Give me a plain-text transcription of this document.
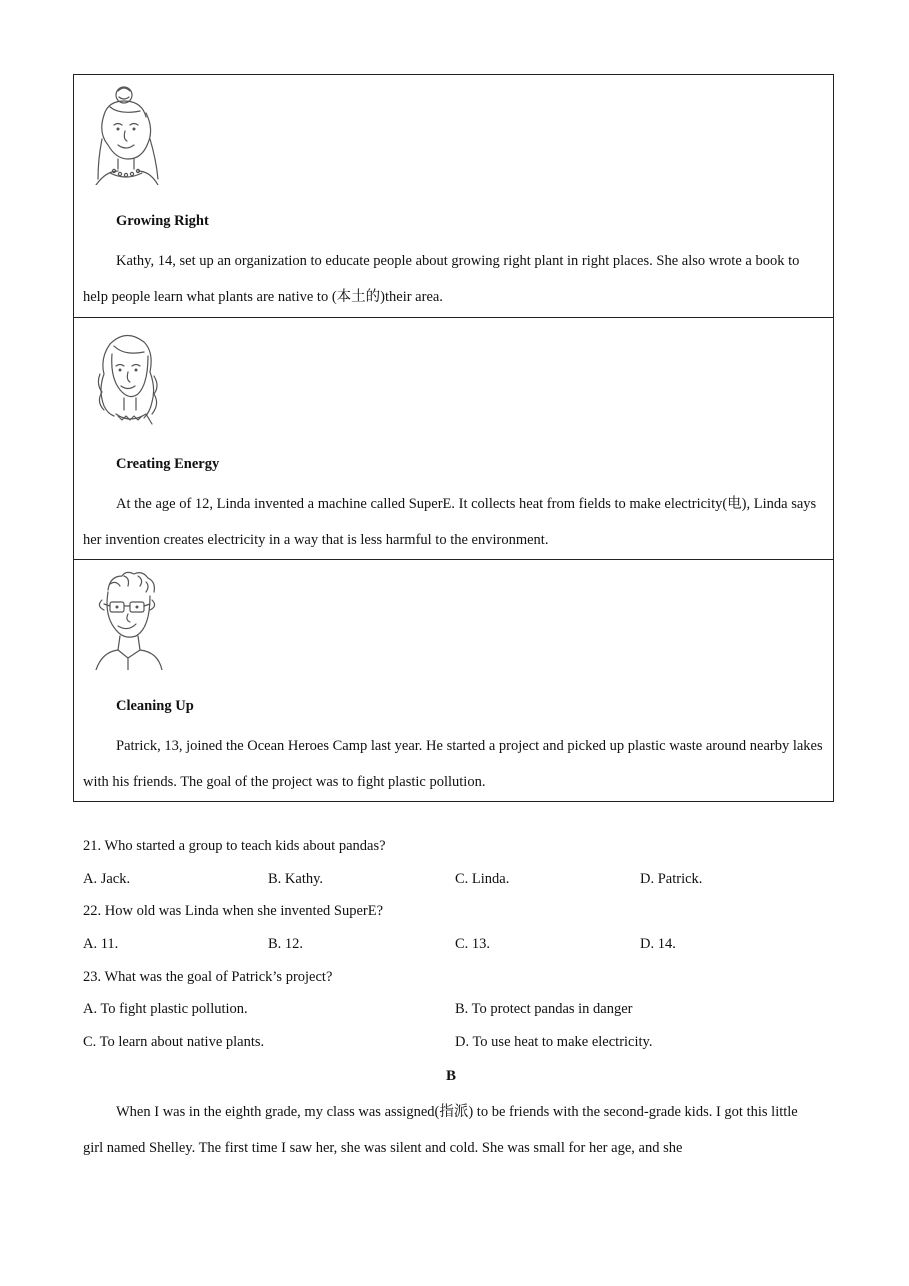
Growing Right

Kathy, 14, set up an organization to educate people about growing right plant in right places. She also wrote a book to help people learn what plants are native to (本土的)their area.

Creating Energy

At the age of 12, Linda invented a machine called SuperE. It collects heat from fields to make electricity(电), Linda says her invention creates electricity in a way that is less harmful to the environment.

Cleaning Up

Patrick, 13, joined the Ocean Heroes Camp last year. He started a project and picked up plastic waste around nearby lakes with his friends. The goal of the project was to fight plastic pollution.

21. Who started a group to teach kids about pandas?
A. Jack.	B. Kathy.	C. Linda.	D. Patrick.
22. How old was Linda when she invented SuperE?
A. 11.	B. 12.	C. 13.	D. 14.
23. What was the goal of Patrick’s project?
A. To fight plastic pollution.	B. To protect pandas in danger
C. To learn about native plants.	D. To use heat to make electricity.
B

When I was in the eighth grade, my class was assigned(指派) to be friends with the second-grade kids. I got this little girl named Shelley. The first time I saw her, she was silent and cold. She was small for her age, and she
